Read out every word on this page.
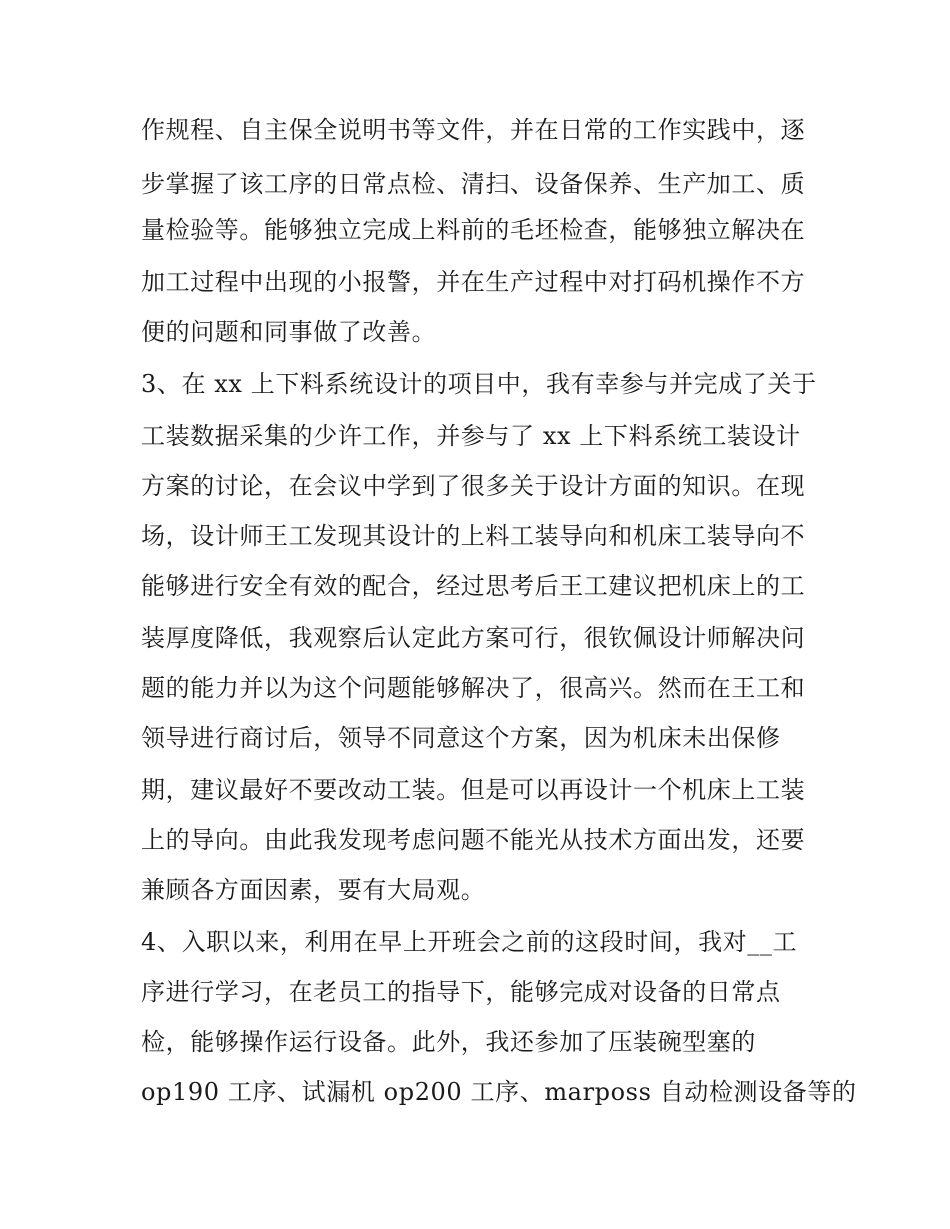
作规程、自主保全说明书等文件，并在日常的工作实践中，逐
步掌握了该工序的日常点检、清扫、设备保养、生产加工、质
量检验等。能够独立完成上料前的毛坯检查，能够独立解决在
加工过程中出现的小报警，并在生产过程中对打码机操作不方
便的问题和同事做了改善。
3、在 xx 上下料系统设计的项目中，我有幸参与并完成了关于
工装数据采集的少许工作，并参与了 xx 上下料系统工装设计
方案的讨论，在会议中学到了很多关于设计方面的知识。在现
场，设计师王工发现其设计的上料工装导向和机床工装导向不
能够进行安全有效的配合，经过思考后王工建议把机床上的工
装厚度降低，我观察后认定此方案可行，很钦佩设计师解决问
题的能力并以为这个问题能够解决了，很高兴。然而在王工和
领导进行商讨后，领导不同意这个方案，因为机床未出保修
期，建议最好不要改动工装。但是可以再设计一个机床上工装
上的导向。由此我发现考虑问题不能光从技术方面出发，还要
兼顾各方面因素，要有大局观。
4、入职以来，利用在早上开班会之前的这段时间，我对__工
序进行学习，在老员工的指导下，能够完成对设备的日常点
检，能够操作运行设备。此外，我还参加了压装碗型塞的
op190 工序、试漏机 op200 工序、marposs 自动检测设备等的
